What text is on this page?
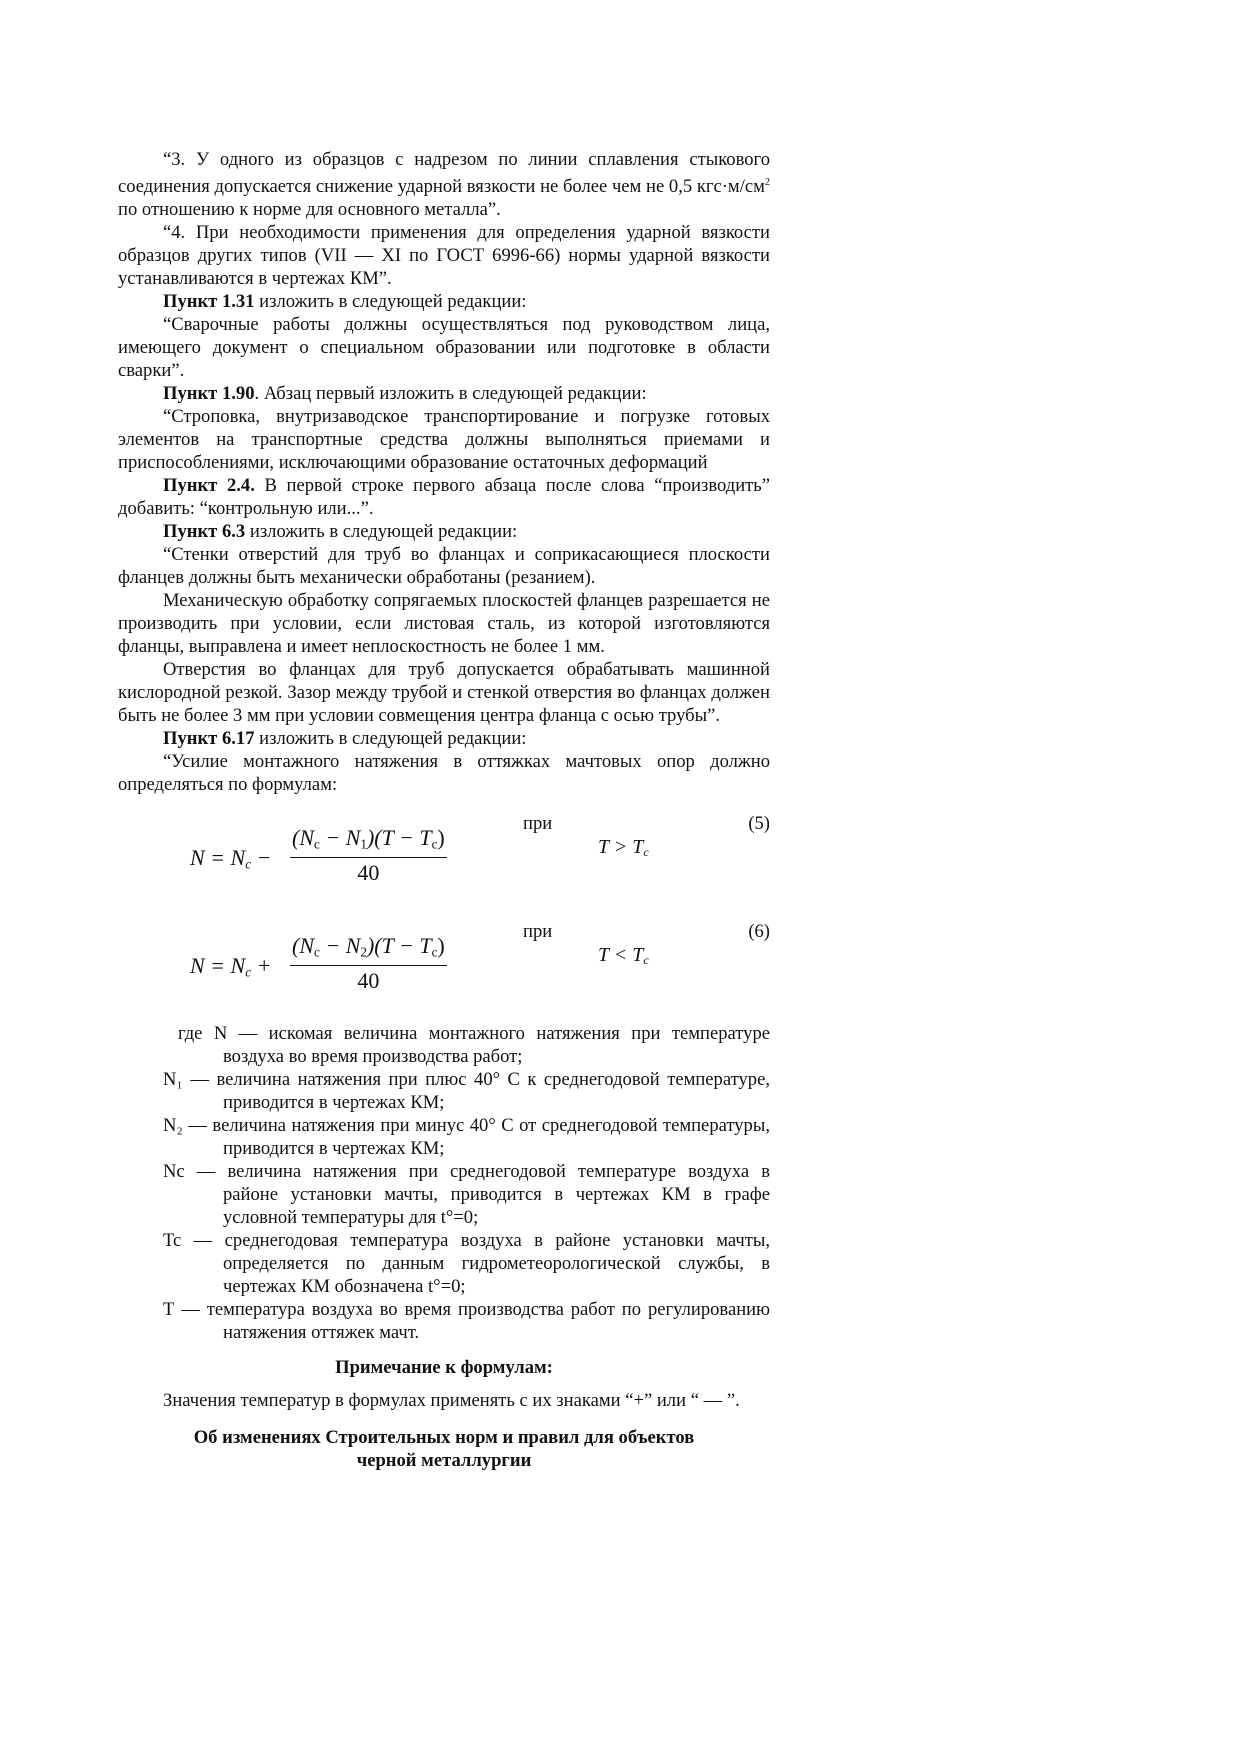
“3. У одного из образцов с надрезом по линии сплавления стыкового соединения допускается снижение ударной вязкости не более чем не 0,5 $кгс\cdot м/см^2$ по отношению к норме для основного металла”.

“4. При необходимости применения для определения ударной вязкости образцов других типов (VII — XI по ГОСТ 6996-66) нормы ударной вязкости устанавливаются в чертежах КМ”.

Пункт 1.31 изложить в следующей редакции:

“Сварочные работы должны осуществляться под руководством лица, имеющего документ о специальном образовании или подготовке в области сварки”.

Пункт 1.90. Абзац первый изложить в следующей редакции:

“Строповка, внутризаводское транспортирование и погрузке готовых элементов на транспортные средства должны выполняться приемами и приспособлениями, исключающими образование остаточных деформаций

Пункт 2.4. В первой строке первого абзаца после слова “производить” добавить: “контрольную или...”.

Пункт 6.3 изложить в следующей редакции:

“Стенки отверстий для труб во фланцах и соприкасающиеся плоскости фланцев должны быть механически обработаны (резанием).

Механическую обработку сопрягаемых плоскостей фланцев разрешается не производить при условии, если листовая сталь, из которой изготовляются фланцы, выправлена и имеет неплоскостность не более 1 мм.

Отверстия во фланцах для труб допускается обрабатывать машинной кислородной резкой. Зазор между трубой и стенкой отверстия во фланцах должен быть не более 3 мм при условии совмещения центра фланца с осью трубы”.

Пункт 6.17 изложить в следующей редакции:

“Усилие монтажного натяжения в оттяжках мачтовых опор должно определяться по формулам:

$N = N_c - \frac{(N_c - N_1)(T - T_c)}{40}$
при
$T > T_c$
(5)
$N = N_c + \frac{(N_c - N_2)(T - T_c)}{40}$
при
$T < T_c$
(6)

где N — искомая величина монтажного натяжения при температуре воздуха во время производства работ;

N₁ — величина натяжения при плюс 40° С к среднегодовой температуре, приводится в чертежах КМ;

N₂ — величина натяжения при минус 40° С от среднегодовой температуры, приводится в чертежах КМ;

Nc — величина натяжения при среднегодовой температуре воздуха в районе установки мачты, приводится в чертежах КМ в графе условной температуры для t°=0;

Tc — среднегодовая температура воздуха в районе установки мачты, определяется по данным гидрометеорологической службы, в чертежах КМ обозначена t°=0;

Т — температура воздуха во время производства работ по регулированию натяжения оттяжек мачт.

Примечание к формулам:

Значения температур в формулах применять с их знаками “+” или “ — ”.

Об изменениях Строительных норм и правил для объектов
черной металлургии
